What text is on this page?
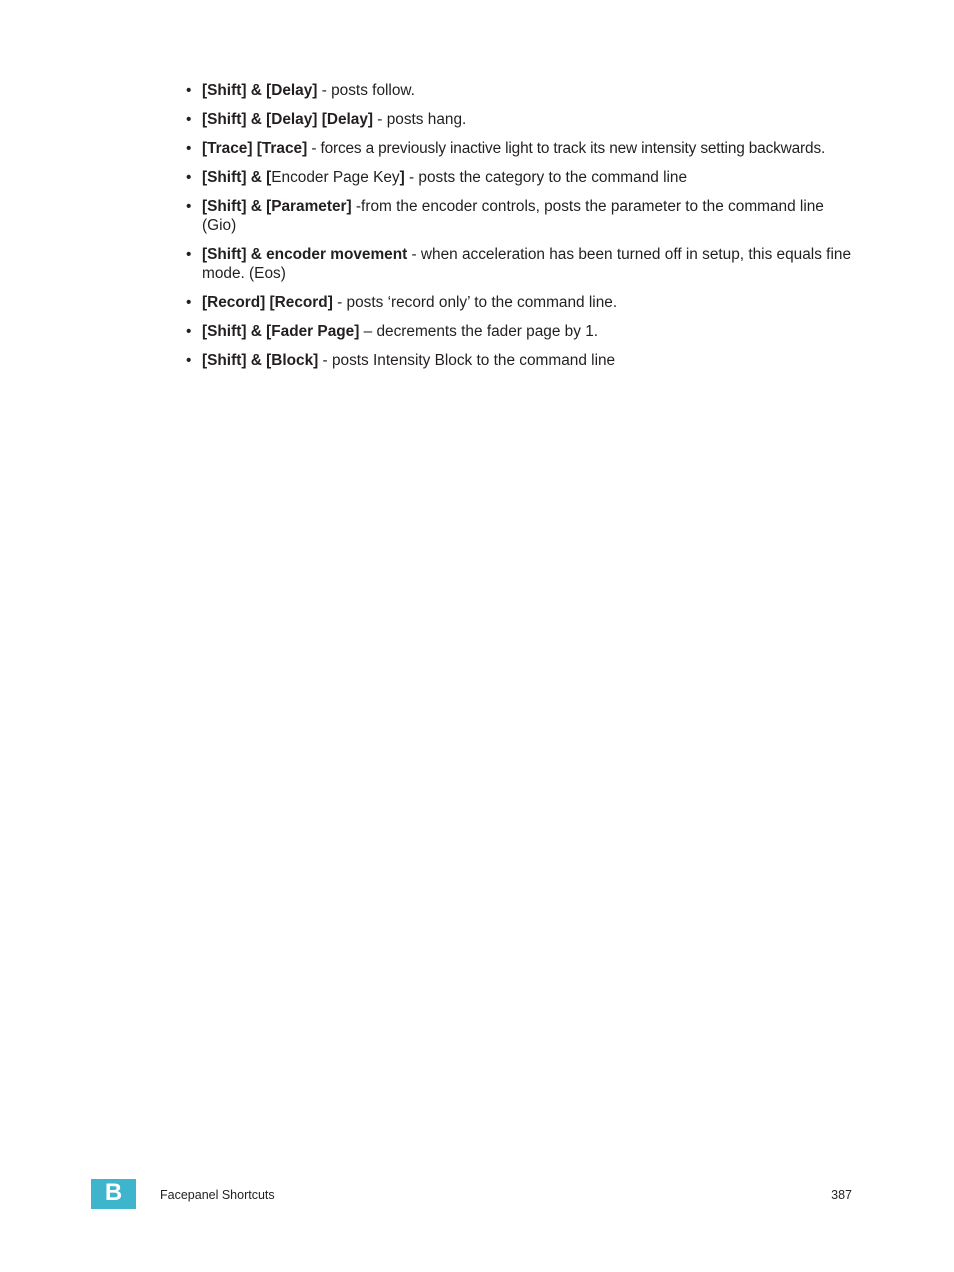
• [Shift] & [Delay] - posts follow.
• [Shift] & [Delay] [Delay] - posts hang.
• [Trace] [Trace] - forces a previously inactive light to track its new intensity setting backwards.
• [Shift] & [Encoder Page Key] - posts the category to the command line
• [Shift] & [Parameter] -from the encoder controls, posts the parameter to the command line (Gio)
• [Shift] & encoder movement - when acceleration has been turned off in setup, this equals fine mode. (Eos)
• [Record] [Record] - posts ‘record only’ to the command line.
• [Shift] & [Fader Page] – decrements the fader page by 1.
• [Shift] & [Block] - posts Intensity Block to the command line
B	Facepanel Shortcuts	387
